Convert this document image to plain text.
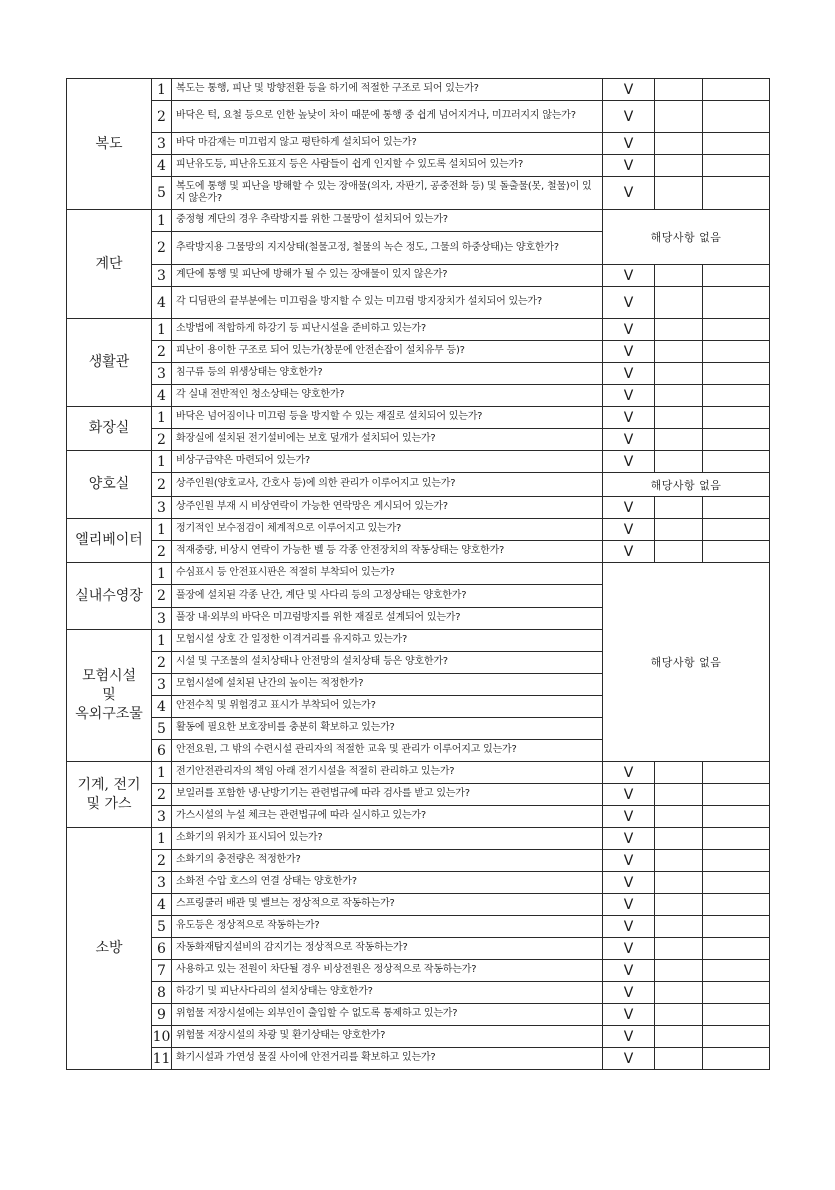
복도	1	복도는 통행, 피난 및 방향전환 등을 하기에 적절한 구조로 되어 있는가?	V		
	2	바닥은 턱, 요철 등으로 인한 높낮이 차이 때문에 통행 중 쉽게 넘어지거나, 미끄러지지 않는가?	V		
	3	바닥 마감재는 미끄럽지 않고 평탄하게 설치되어 있는가?	V		
	4	피난유도등, 피난유도표지 등은 사람들이 쉽게 인지할 수 있도록 설치되어 있는가?	V		
	5	복도에 통행 및 피난을 방해할 수 있는 장애물(의자, 자판기, 공중전화 등) 및 돌출물(못, 철물)이 있지 않은가?	V		
계단	1	중정형 계단의 경우 추락방지를 위한 그물망이 설치되어 있는가?	해당사항 없음		
	2	추락방지용 그물망의 지지상태(철물고정, 철물의 녹슨 정도, 그물의 하중상태)는 양호한가?			
	3	계단에 통행 및 피난에 방해가 될 수 있는 장애물이 있지 않은가?	V		
	4	각 디딤판의 끝부분에는 미끄럼을 방지할 수 있는 미끄럼 방지장치가 설치되어 있는가?	V		
생활관	1	소방법에 적합하게 하강기 등 피난시설을 준비하고 있는가?	V		
	2	피난이 용이한 구조로 되어 있는가(창문에 안전손잡이 설치유무 등)?	V		
	3	침구류 등의 위생상태는 양호한가?	V		
	4	각 실내 전반적인 청소상태는 양호한가?	V		
화장실	1	바닥은 넘어짐이나 미끄럼 등을 방지할 수 있는 재질로 설치되어 있는가?	V		
	2	화장실에 설치된 전기설비에는 보호 덮개가 설치되어 있는가?	V		
양호실	1	비상구급약은 마련되어 있는가?	V		
	2	상주인원(양호교사, 간호사 등)에 의한 관리가 이루어지고 있는가?	해당사항 없음		
	3	상주인원 부재 시 비상연락이 가능한 연락망은 게시되어 있는가?	V		
엘리베이터	1	정기적인 보수점검이 체계적으로 이루어지고 있는가?	V		
	2	적재중량, 비상시 연락이 가능한 벨 등 각종 안전장치의 작동상태는 양호한가?	V		
실내수영장	1	수심표시 등 안전표시판은 적절히 부착되어 있는가?	해당사항 없음		
	2	풀장에 설치된 각종 난간, 계단 및 사다리 등의 고정상태는 양호한가?			
	3	풀장 내·외부의 바닥은 미끄럼방지를 위한 재질로 설계되어 있는가?			
모험시설
및
옥외구조물	1	모험시설 상호 간 일정한 이격거리를 유지하고 있는가?			
	2	시설 및 구조물의 설치상태나 안전망의 설치상태 등은 양호한가?			
	3	모험시설에 설치된 난간의 높이는 적정한가?			
	4	안전수칙 및 위험경고 표시가 부착되어 있는가?			
	5	활동에 필요한 보호장비를 충분히 확보하고 있는가?			
	6	안전요원, 그 밖의 수련시설 관리자의 적절한 교육 및 관리가 이루어지고 있는가?			
기계, 전기
및 가스	1	전기안전관리자의 책임 아래 전기시설을 적절히 관리하고 있는가?	V		
	2	보일러를 포함한 냉·난방기기는 관련법규에 따라 검사를 받고 있는가?	V		
	3	가스시설의 누설 체크는 관련법규에 따라 실시하고 있는가?	V		
소방	1	소화기의 위치가 표시되어 있는가?	V		
	2	소화기의 충전량은 적정한가?	V		
	3	소화전 수압 호스의 연결 상태는 양호한가?	V		
	4	스프링쿨러 배관 및 밸브는 정상적으로 작동하는가?	V		
	5	유도등은 정상적으로 작동하는가?	V		
	6	자동화재탐지설비의 감지기는 정상적으로 작동하는가?	V		
	7	사용하고 있는 전원이 차단될 경우 비상전원은 정상적으로 작동하는가?	V		
	8	하강기 및 피난사다리의 설치상태는 양호한가?	V		
	9	위험물 저장시설에는 외부인이 출입할 수 없도록 통제하고 있는가?	V		
	10	위험물 저장시설의 차광 및 환기상태는 양호한가?	V		
	11	화기시설과 가연성 물질 사이에 안전거리를 확보하고 있는가?	V		
